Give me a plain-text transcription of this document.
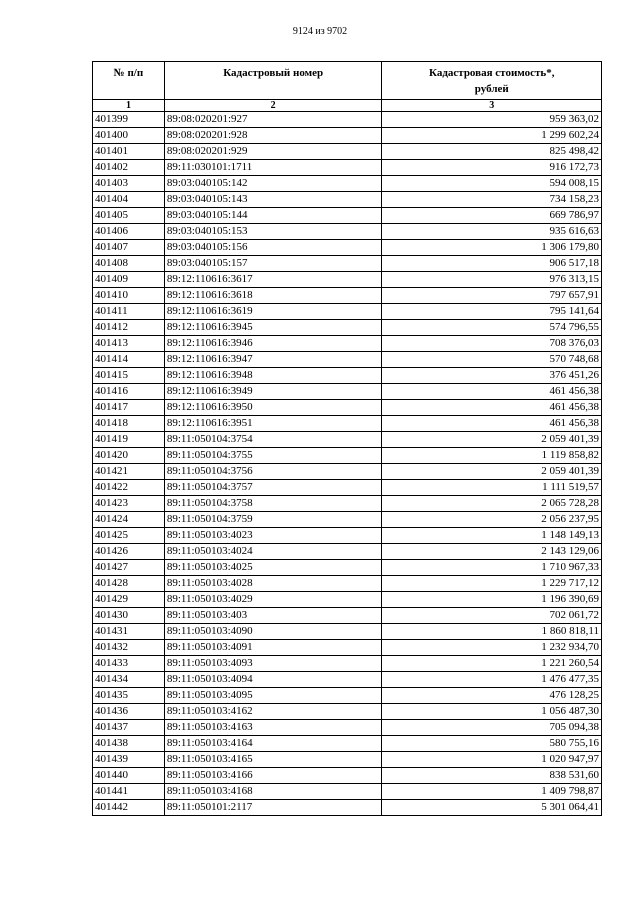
9124 из 9702
№ п/п	Кадастровый номер	Кадастровая стоимость*,
рублей
1	2	3
401399	89:08:020201:927	959 363,02
401400	89:08:020201:928	1 299 602,24
401401	89:08:020201:929	825 498,42
401402	89:11:030101:1711	916 172,73
401403	89:03:040105:142	594 008,15
401404	89:03:040105:143	734 158,23
401405	89:03:040105:144	669 786,97
401406	89:03:040105:153	935 616,63
401407	89:03:040105:156	1 306 179,80
401408	89:03:040105:157	906 517,18
401409	89:12:110616:3617	976 313,15
401410	89:12:110616:3618	797 657,91
401411	89:12:110616:3619	795 141,64
401412	89:12:110616:3945	574 796,55
401413	89:12:110616:3946	708 376,03
401414	89:12:110616:3947	570 748,68
401415	89:12:110616:3948	376 451,26
401416	89:12:110616:3949	461 456,38
401417	89:12:110616:3950	461 456,38
401418	89:12:110616:3951	461 456,38
401419	89:11:050104:3754	2 059 401,39
401420	89:11:050104:3755	1 119 858,82
401421	89:11:050104:3756	2 059 401,39
401422	89:11:050104:3757	1 111 519,57
401423	89:11:050104:3758	2 065 728,28
401424	89:11:050104:3759	2 056 237,95
401425	89:11:050103:4023	1 148 149,13
401426	89:11:050103:4024	2 143 129,06
401427	89:11:050103:4025	1 710 967,33
401428	89:11:050103:4028	1 229 717,12
401429	89:11:050103:4029	1 196 390,69
401430	89:11:050103:403	702 061,72
401431	89:11:050103:4090	1 860 818,11
401432	89:11:050103:4091	1 232 934,70
401433	89:11:050103:4093	1 221 260,54
401434	89:11:050103:4094	1 476 477,35
401435	89:11:050103:4095	476 128,25
401436	89:11:050103:4162	1 056 487,30
401437	89:11:050103:4163	705 094,38
401438	89:11:050103:4164	580 755,16
401439	89:11:050103:4165	1 020 947,97
401440	89:11:050103:4166	838 531,60
401441	89:11:050103:4168	1 409 798,87
401442	89:11:050101:2117	5 301 064,41
